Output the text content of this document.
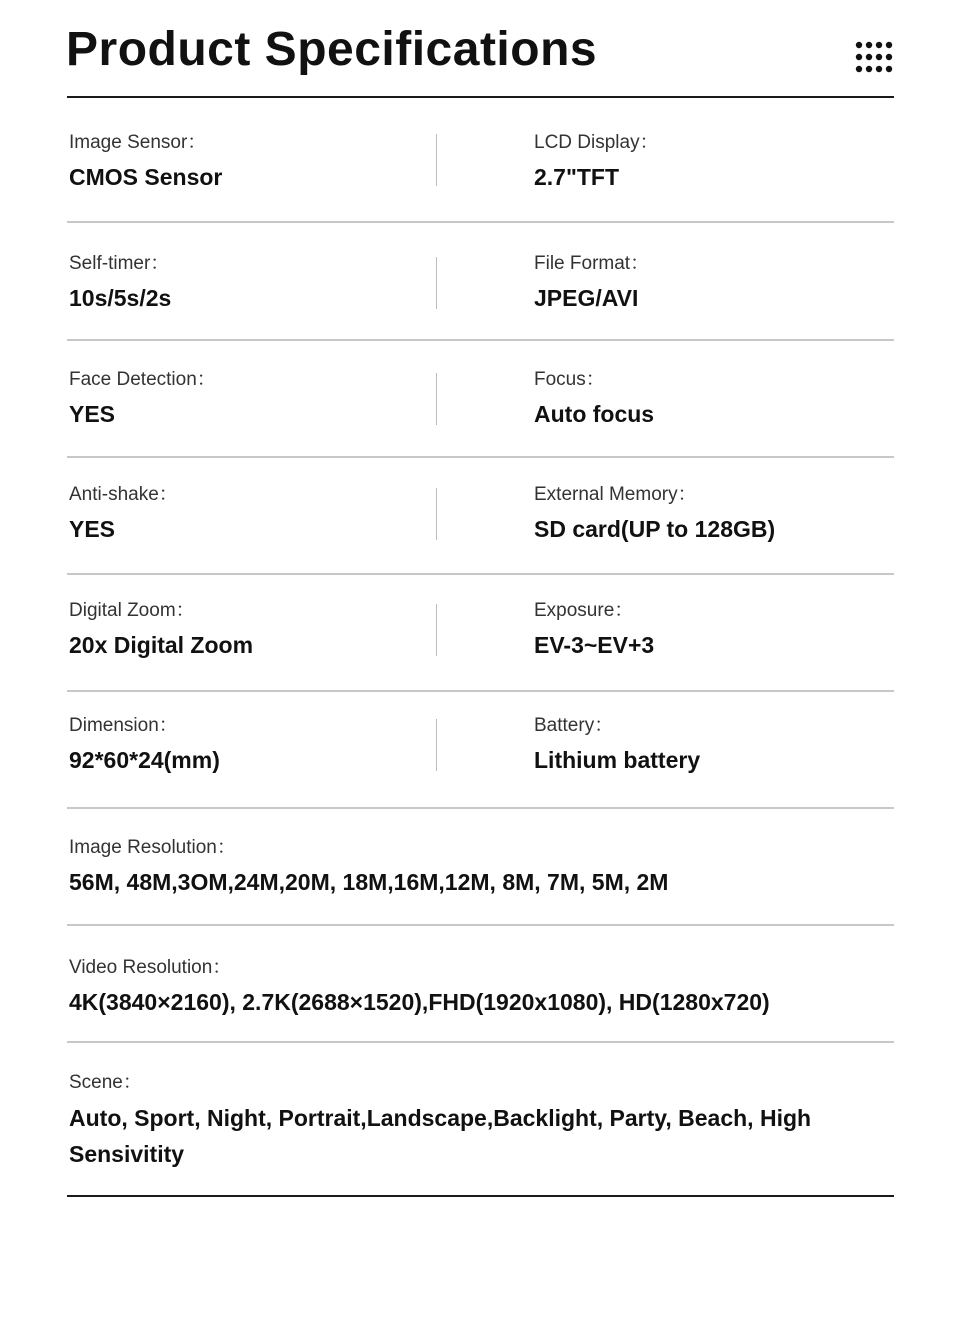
Product Specifications
Image Sensor：
CMOS Sensor
LCD Display：
2.7"TFT
Self-timer：
10s/5s/2s
File Format：
JPEG/AVI
Face Detection：
YES
Focus：
Auto focus
Anti-shake：
YES
External Memory：
SD card(UP to 128GB)
Digital Zoom：
20x Digital Zoom
Exposure：
EV-3~EV+3
Dimension：
92*60*24(mm)
Battery：
Lithium battery
Image Resolution：
56M, 48M,3OM,24M,20M, 18M,16M,12M, 8M, 7M, 5M, 2M
Video Resolution：
4K(3840×2160), 2.7K(2688×1520),FHD(1920x1080), HD(1280x720)
Scene：
Auto, Sport, Night, Portrait,Landscape,Backlight, Party, Beach, High Sensivitity
